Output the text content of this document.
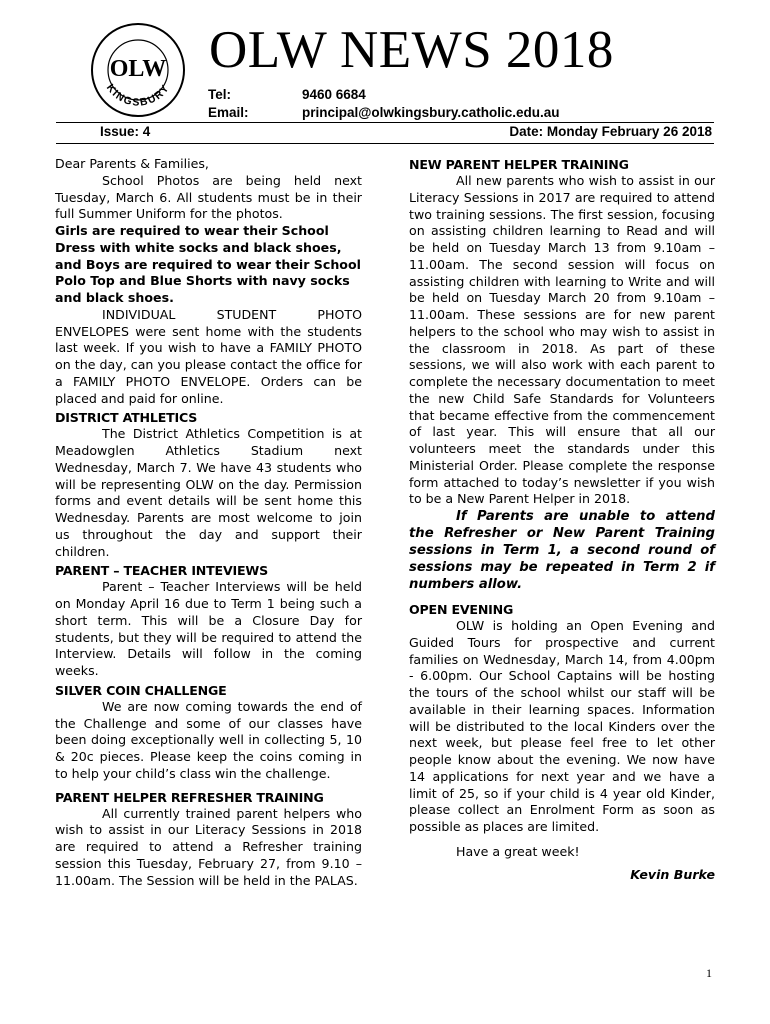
OLW
KINGSBURY
OLW NEWS 2018
Tel:	9460 6684
Email:	principal@olwkingsbury.catholic.edu.au
Issue: 4	Date: Monday February 26 2018

Dear Parents & Families,

School Photos are being held next Tuesday, March 6. All students must be in their full Summer Uniform for the photos.

Girls are required to wear their School Dress with white socks and black shoes, and Boys are required to wear their School Polo Top and Blue Shorts with navy socks and black shoes.

INDIVIDUAL STUDENT PHOTO ENVELOPES were sent home with the students last week. If you wish to have a FAMILY PHOTO on the day, can you please contact the office for a FAMILY PHOTO ENVELOPE. Orders can be placed and paid for online.

DISTRICT ATHLETICS

The District Athletics Competition is at Meadowglen Athletics Stadium next Wednesday, March 7. We have 43 students who will be representing OLW on the day. Permission forms and event details will be sent home this Wednesday. Parents are most welcome to join us throughout the day and support their children.

PARENT – TEACHER INTEVIEWS

Parent – Teacher Interviews will be held on Monday April 16 due to Term 1 being such a short term. This will be a Closure Day for students, but they will be required to attend the Interview. Details will follow in the coming weeks.

SILVER COIN CHALLENGE

We are now coming towards the end of the Challenge and some of our classes have been doing exceptionally well in collecting 5, 10 & 20c pieces. Please keep the coins coming in to help your child’s class win the challenge.

PARENT HELPER REFRESHER TRAINING

All currently trained parent helpers who wish to assist in our Literacy Sessions in 2018 are required to attend a Refresher training session this Tuesday, February 27, from 9.10 – 11.00am. The Session will be held in the PALAS.

NEW PARENT HELPER TRAINING

All new parents who wish to assist in our Literacy Sessions in 2017 are required to attend two training sessions. The first session, focusing on assisting children learning to Read and will be held on Tuesday March 13 from 9.10am – 11.00am. The second session will focus on assisting children with learning to Write and will be held on Tuesday March 20 from 9.10am – 11.00am. These sessions are for new parent helpers to the school who may wish to assist in the classroom in 2018. As part of these sessions, we will also work with each parent to complete the necessary documentation to meet the new Child Safe Standards for Volunteers that became effective from the commencement of last year. This will ensure that all our volunteers meet the standards under this Ministerial Order. Please complete the response form attached to today’s newsletter if you wish to be a New Parent Helper in 2018.

If Parents are unable to attend the Refresher or New Parent Training sessions in Term 1, a second round of sessions may be repeated in Term 2 if numbers allow.

OPEN EVENING

OLW is holding an Open Evening and Guided Tours for prospective and current families on Wednesday, March 14, from 4.00pm - 6.00pm. Our School Captains will be hosting the tours of the school whilst our staff will be available in their learning spaces. Information will be distributed to the local Kinders over the next week, but please feel free to let other people know about the evening. We now have 14 applications for next year and we have a limit of 25, so if your child is 4 year old Kinder, please collect an Enrolment Form as soon as possible as places are limited.

Have a great week!

Kevin Burke

1
